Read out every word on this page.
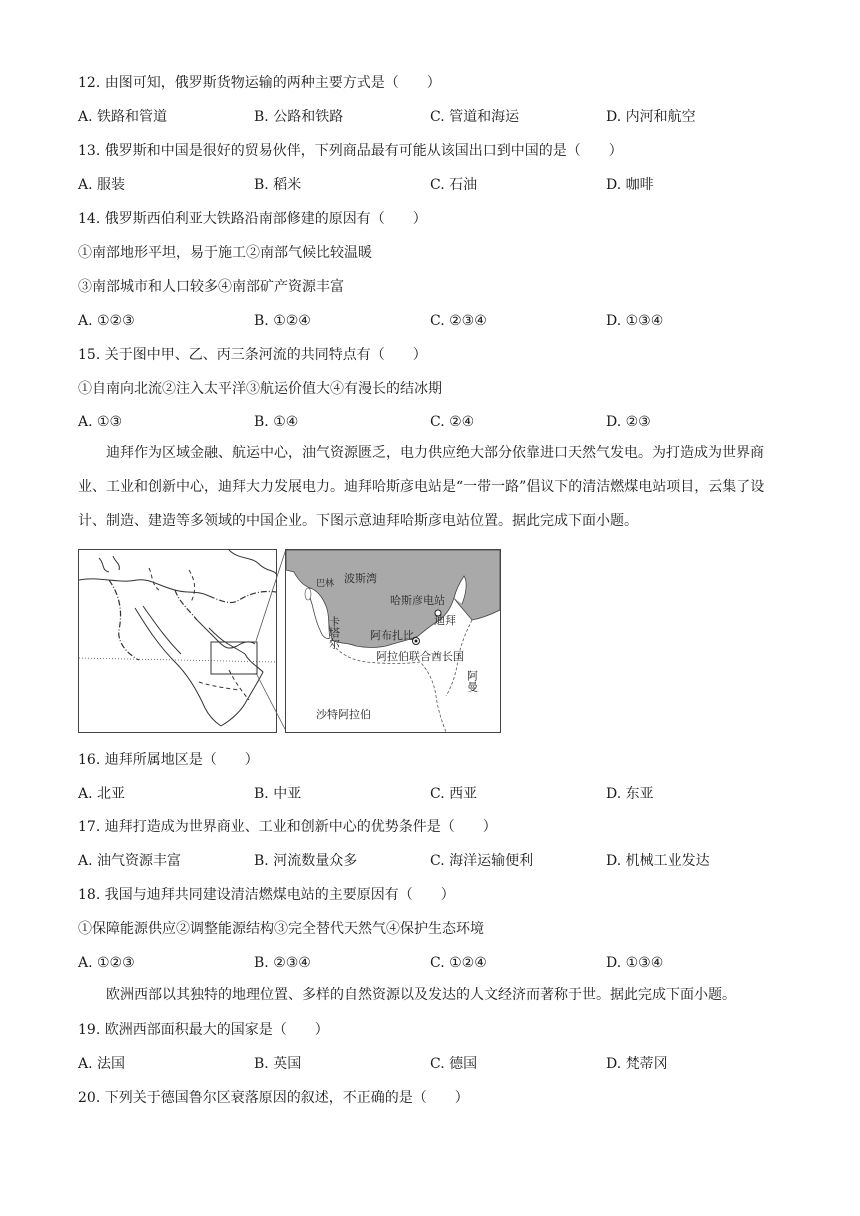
12. 由图可知，俄罗斯货物运输的两种主要方式是（　　）
A. 铁路和管道	B. 公路和铁路	C. 管道和海运	D. 内河和航空
13. 俄罗斯和中国是很好的贸易伙伴，下列商品最有可能从该国出口到中国的是（　　）
A. 服装	B. 稻米	C. 石油	D. 咖啡
14. 俄罗斯西伯利亚大铁路沿南部修建的原因有（　　）
①南部地形平坦，易于施工②南部气候比较温暖
③南部城市和人口较多④南部矿产资源丰富
A. ①②③	B. ①②④	C. ②③④	D. ①③④
15. 关于图中甲、乙、丙三条河流的共同特点有（　　）
①自南向北流②注入太平洋③航运价值大④有漫长的结冰期
A. ①③	B. ①④	C. ②④	D. ②③
迪拜作为区域金融、航运中心，油气资源匮乏，电力供应绝大部分依靠进口天然气发电。为打造成为世界商业、工业和创新中心，迪拜大力发展电力。迪拜哈斯彦电站是“一带一路”倡议下的清洁燃煤电站项目，云集了设计、制造、建造等多领域的中国企业。下图示意迪拜哈斯彦电站位置。据此完成下面小题。
波斯湾
哈斯彦电站
巴林
卡塔尔	阿布扎比
迪拜
阿拉伯联合酋长国
阿曼
沙特阿拉伯
16. 迪拜所属地区是（　　）
A. 北亚	B. 中亚	C. 西亚	D. 东亚
17. 迪拜打造成为世界商业、工业和创新中心的优势条件是（　　）
A. 油气资源丰富	B. 河流数量众多	C. 海洋运输便利	D. 机械工业发达
18. 我国与迪拜共同建设清洁燃煤电站的主要原因有（　　）
①保障能源供应②调整能源结构③完全替代天然气④保护生态环境
A. ①②③	B. ②③④	C. ①②④	D. ①③④
欧洲西部以其独特的地理位置、多样的自然资源以及发达的人文经济而著称于世。据此完成下面小题。
19. 欧洲西部面积最大的国家是（　　）
A. 法国	B. 英国	C. 德国	D. 梵蒂冈
20. 下列关于德国鲁尔区衰落原因的叙述，不正确的是（　　）
